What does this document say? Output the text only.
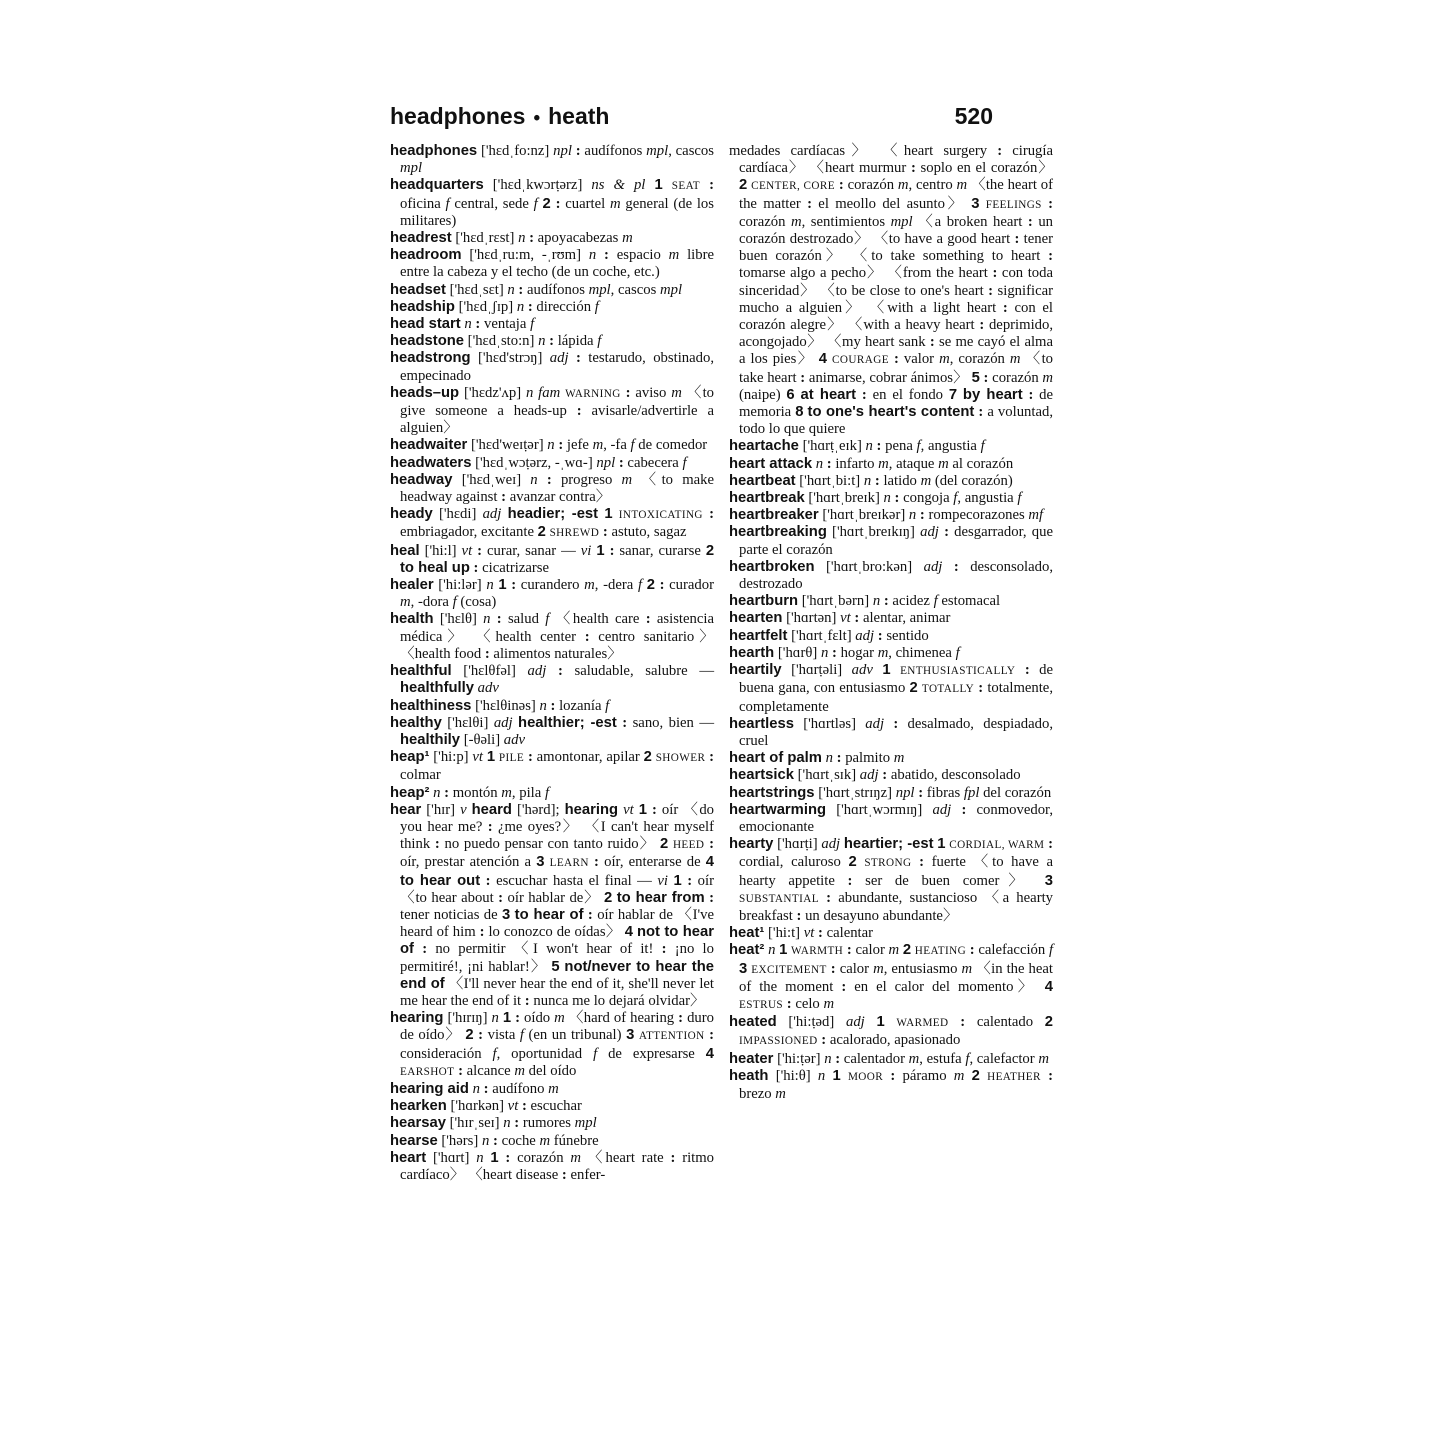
headphones • heath	520

headphones ['hɛdˌfo:nz] npl : audífonos mpl, cascos mpl

headquarters ['hɛdˌkwɔrṭərz] ns & pl 1 SEAT : oficina f central, sede f 2 : cuartel m general (de los militares)

headrest ['hɛdˌrɛst] n : apoyacabezas m

headroom ['hɛdˌru:m, -ˌrʊm] n : espacio m libre entre la cabeza y el techo (de un coche, etc.)

headset ['hɛdˌsɛt] n : audífonos mpl, cascos mpl

headship ['hɛdˌʃɪp] n : dirección f

head start n : ventaja f

headstone ['hɛdˌsto:n] n : lápida f

headstrong ['hɛd'strɔŋ] adj : testarudo, obstinado, empecinado

heads–up ['hɛdz'ʌp] n fam WARNING : aviso m 〈to give someone a heads-up : avisarle/advertirle a alguien〉

headwaiter ['hɛd'weɪṭər] n : jefe m, -fa f de comedor

headwaters ['hɛdˌwɔṭərz, -ˌwɑ-] npl : cabecera f

headway ['hɛdˌweɪ] n : progreso m 〈to make headway against : avanzar contra〉

heady ['hɛdi] adj headier; -est 1 INTOXICATING : embriagador, excitante 2 SHREWD : astuto, sagaz

heal ['hi:l] vt : curar, sanar — vi 1 : sanar, curarse 2 to heal up : cicatrizarse

healer ['hi:lər] n 1 : curandero m, -dera f 2 : curador m, -dora f (cosa)

health ['hɛlθ] n : salud f 〈health care : asistencia médica〉 〈health center : centro sanitario〉 〈health food : alimentos naturales〉

healthful ['hɛlθfəl] adj : saludable, salubre — healthfully adv

healthiness ['hɛlθinəs] n : lozanía f

healthy ['hɛlθi] adj healthier; -est : sano, bien — healthily [-θəli] adv

heap¹ ['hi:p] vt 1 PILE : amontonar, apilar 2 SHOWER : colmar

heap² n : montón m, pila f

hear ['hɪr] v heard ['hərd]; hearing vt 1 : oír 〈do you hear me? : ¿me oyes?〉 〈I can't hear myself think : no puedo pensar con tanto ruido〉 2 HEED : oír, prestar atención a 3 LEARN : oír, enterarse de 4 to hear out : escuchar hasta el final — vi 1 : oír 〈to hear about : oír hablar de〉 2 to hear from : tener noticias de 3 to hear of : oír hablar de 〈I've heard of him : lo conozco de oídas〉 4 not to hear of : no permitir 〈I won't hear of it! : ¡no lo permitiré!, ¡ni hablar!〉 5 not/never to hear the end of 〈I'll never hear the end of it, she'll never let me hear the end of it : nunca me lo dejará olvidar〉

hearing ['hɪrɪŋ] n 1 : oído m 〈hard of hearing : duro de oído〉 2 : vista f (en un tribunal) 3 ATTENTION : consideración f, oportunidad f de expresarse 4 EARSHOT : alcance m del oído

hearing aid n : audífono m

hearken ['hɑrkən] vt : escuchar

hearsay ['hɪrˌseɪ] n : rumores mpl

hearse ['hərs] n : coche m fúnebre

heart ['hɑrt] n 1 : corazón m 〈heart rate : ritmo cardíaco〉 〈heart disease : enfer-

medades cardíacas〉 〈heart surgery : cirugía cardíaca〉 〈heart murmur : soplo en el corazón〉 2 CENTER, CORE : corazón m, centro m 〈the heart of the matter : el meollo del asunto〉 3 FEELINGS : corazón m, sentimientos mpl 〈a broken heart : un corazón destrozado〉 〈to have a good heart : tener buen corazón〉 〈to take something to heart : tomarse algo a pecho〉 〈from the heart : con toda sinceridad〉 〈to be close to one's heart : significar mucho a alguien〉 〈with a light heart : con el corazón alegre〉 〈with a heavy heart : deprimido, acongojado〉 〈my heart sank : se me cayó el alma a los pies〉 4 COURAGE : valor m, corazón m 〈to take heart : animarse, cobrar ánimos〉 5 : corazón m (naipe) 6 at heart : en el fondo 7 by heart : de memoria 8 to one's heart's content : a voluntad, todo lo que quiere

heartache ['hɑrṭˌeɪk] n : pena f, angustia f

heart attack n : infarto m, ataque m al corazón

heartbeat ['hɑrtˌbi:t] n : latido m (del corazón)

heartbreak ['hɑrtˌbreɪk] n : congoja f, angustia f

heartbreaker ['hɑrtˌbreɪkər] n : rompecorazones mf

heartbreaking ['hɑrtˌbreɪkɪŋ] adj : desgarrador, que parte el corazón

heartbroken ['hɑrtˌbro:kən] adj : desconsolado, destrozado

heartburn ['hɑrtˌbərn] n : acidez f estomacal

hearten ['hɑrtən] vt : alentar, animar

heartfelt ['hɑrtˌfɛlt] adj : sentido

hearth ['hɑrθ] n : hogar m, chimenea f

heartily ['hɑrṭəli] adv 1 ENTHUSIASTICALLY : de buena gana, con entusiasmo 2 TOTALLY : totalmente, completamente

heartless ['hɑrtləs] adj : desalmado, despiadado, cruel

heart of palm n : palmito m

heartsick ['hɑrtˌsɪk] adj : abatido, desconsolado

heartstrings ['hɑrtˌstrɪŋz] npl : fibras fpl del corazón

heartwarming ['hɑrtˌwɔrmɪŋ] adj : conmovedor, emocionante

hearty ['hɑrṭi] adj heartier; -est 1 CORDIAL, WARM : cordial, caluroso 2 STRONG : fuerte 〈to have a hearty appetite : ser de buen comer〉 3 SUBSTANTIAL : abundante, sustancioso 〈a hearty breakfast : un desayuno abundante〉

heat¹ ['hi:t] vt : calentar

heat² n 1 WARMTH : calor m 2 HEATING : calefacción f 3 EXCITEMENT : calor m, entusiasmo m 〈in the heat of the moment : en el calor del momento〉 4 ESTRUS : celo m

heated ['hi:ṭəd] adj 1 WARMED : calentado 2 IMPASSIONED : acalorado, apasionado

heater ['hi:ṭər] n : calentador m, estufa f, calefactor m

heath ['hi:θ] n 1 MOOR : páramo m 2 HEATHER : brezo m
